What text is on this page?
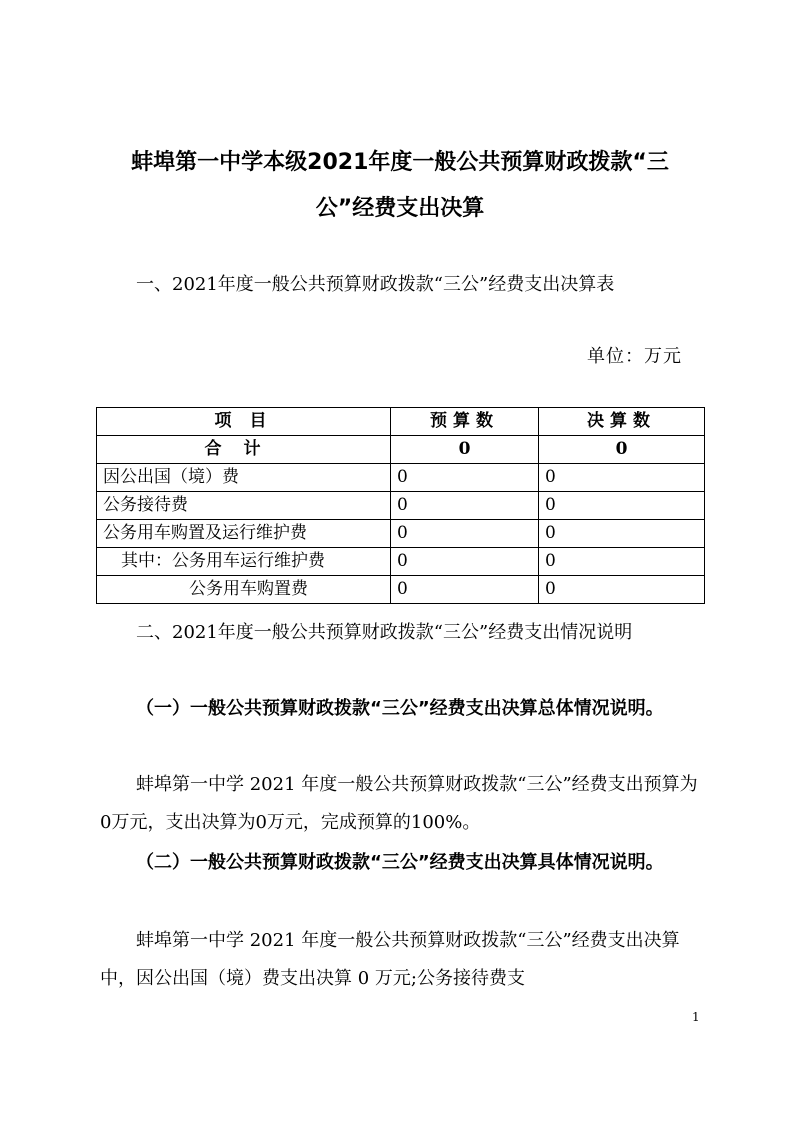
蚌埠第一中学本级2021年度一般公共预算财政拨款“三
公”经费支出决算

一、2021年度一般公共预算财政拨款“三公”经费支出决算表

单位：万元
项 目	预算数	决算数
合计	0	0
因公出国（境）费	0	0
公务接待费	0	0
公务用车购置及运行维护费	0	0
其中：公务用车运行维护费	0	0
公务用车购置费	0	0

二、2021年度一般公共预算财政拨款“三公”经费支出情况说明

（一）一般公共预算财政拨款“三公”经费支出决算总体情况说明。

蚌埠第一中学 2021 年度一般公共预算财政拨款“三公”经费支出预算为0万元，支出决算为0万元，完成预算的100%。

（二）一般公共预算财政拨款“三公”经费支出决算具体情况说明。

蚌埠第一中学 2021 年度一般公共预算财政拨款“三公”经费支出决算中，因公出国（境）费支出决算 0 万元;公务接待费支

1
